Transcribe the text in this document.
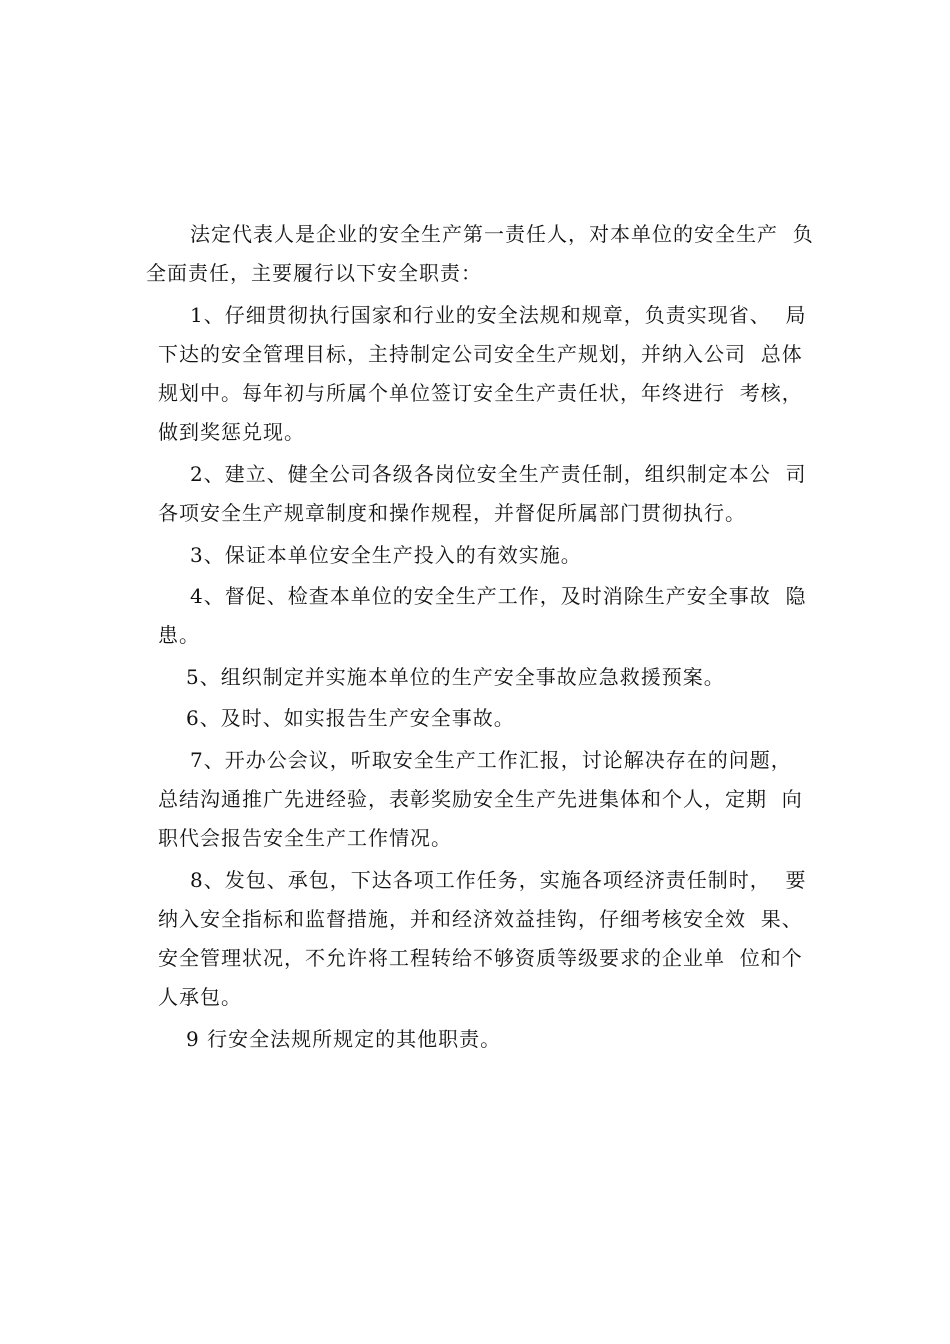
法定代表人是企业的安全生产第一责任人，对本单位的安全生产  负
全面责任，主要履行以下安全职责：
1、仔细贯彻执行国家和行业的安全法规和规章，负责实现省、  局
下达的安全管理目标，主持制定公司安全生产规划，并纳入公司  总体
规划中。每年初与所属个单位签订安全生产责任状，年终进行  考核，
做到奖惩兑现。
2、建立、健全公司各级各岗位安全生产责任制，组织制定本公  司
各项安全生产规章制度和操作规程，并督促所属部门贯彻执行。
3、保证本单位安全生产投入的有效实施。
4、督促、检查本单位的安全生产工作，及时消除生产安全事故  隐
患。
5、组织制定并实施本单位的生产安全事故应急救援预案。
6、及时、如实报告生产安全事故。
7、开办公会议，听取安全生产工作汇报，讨论解决存在的问题，
总结沟通推广先进经验，表彰奖励安全生产先进集体和个人，定期  向
职代会报告安全生产工作情况。
8、发包、承包，下达各项工作任务，实施各项经济责任制时，  要
纳入安全指标和监督措施，并和经济效益挂钩，仔细考核安全效  果、
安全管理状况，不允许将工程转给不够资质等级要求的企业单  位和个
人承包。
9 行安全法规所规定的其他职责。
